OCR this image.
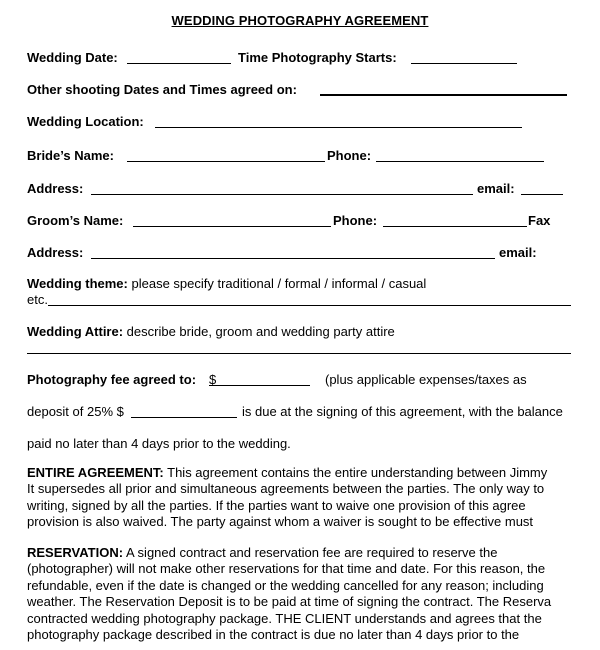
WEDDING PHOTOGRAPHY AGREEMENT
Wedding Date:	Time Photography Starts:
Other shooting Dates and Times agreed on:
Wedding Location:
Bride’s Name:	Phone:
Address:	email:
Groom’s Name:	Phone:	Fax
Address:	email:
Wedding theme: please specify traditional / formal / informal / casual
etc.
Wedding Attire: describe bride, groom and wedding party attire
Photography fee agreed to: $	(plus applicable expenses/taxes as
deposit of 25% $	is due at the signing of this agreement, with the balance
paid no later than 4 days prior to the wedding.
ENTIRE AGREEMENT: This agreement contains the entire understanding between Jimmy
It supersedes all prior and simultaneous agreements between the parties. The only way to
writing, signed by all the parties. If the parties want to waive one provision of this agree
provision is also waived. The party against whom a waiver is sought to be effective must
RESERVATION: A signed contract and reservation fee are required to reserve the
(photographer) will not make other reservations for that time and date. For this reason, the
refundable, even if the date is changed or the wedding cancelled for any reason; including
weather. The Reservation Deposit is to be paid at time of signing the contract. The Reserva
contracted wedding photography package. THE CLIENT understands and agrees that the
photography package described in the contract is due no later than 4 days prior to the
